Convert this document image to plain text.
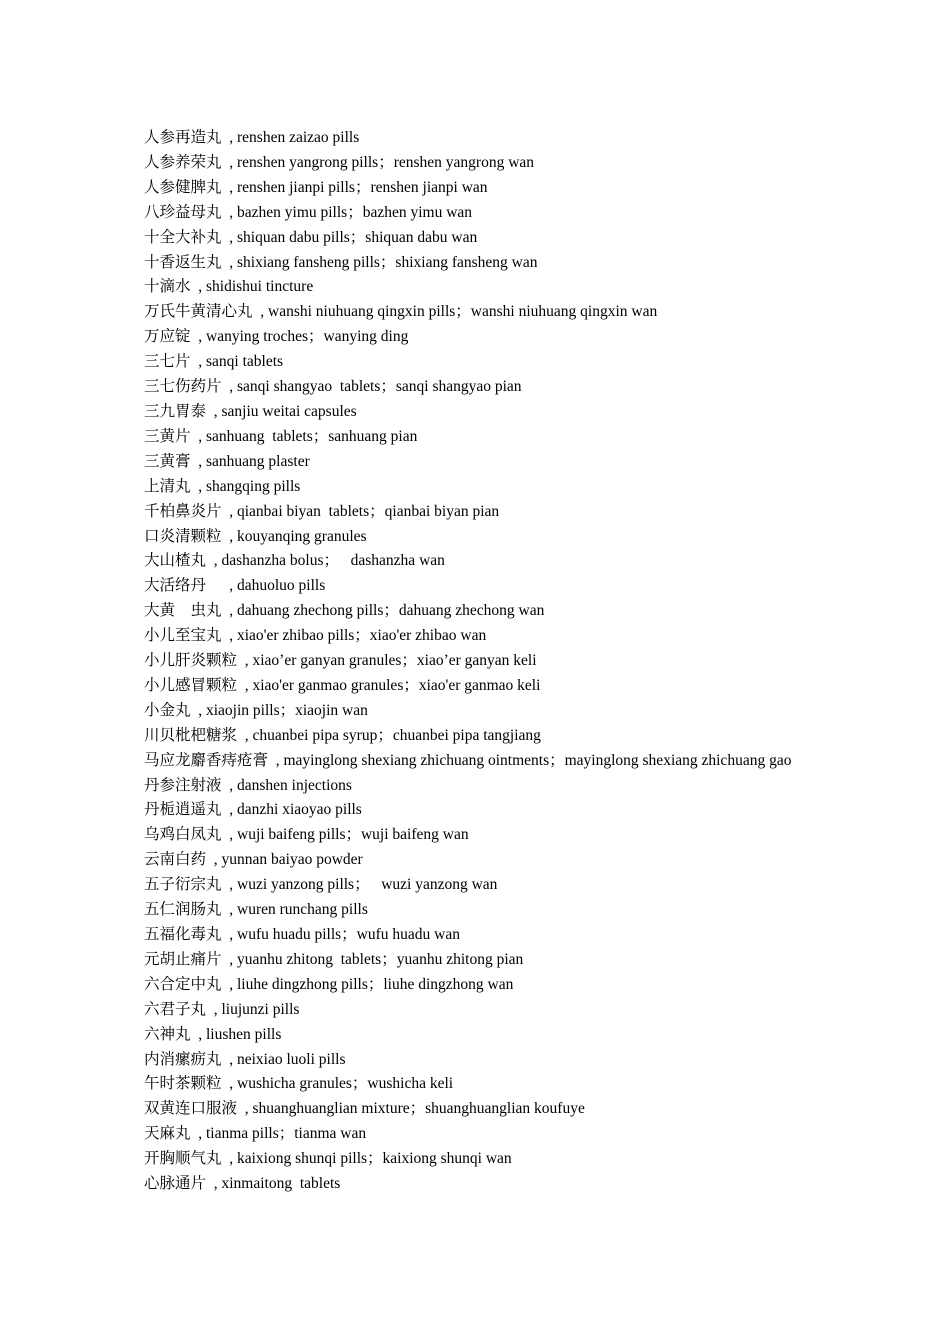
人参再造丸  , renshen zaizao pills
人参养荣丸  , renshen yangrong pills；renshen yangrong wan
人参健脾丸  , renshen jianpi pills；renshen jianpi wan
八珍益母丸  , bazhen yimu pills；bazhen yimu wan
十全大补丸  , shiquan dabu pills；shiquan dabu wan
十香返生丸  , shixiang fansheng pills；shixiang fansheng wan
十滴水  , shidishui tincture
万氏牛黄清心丸  , wanshi niuhuang qingxin pills；wanshi niuhuang qingxin wan
万应锭  , wanying troches；wanying ding
三七片  , sanqi tablets
三七伤药片  , sanqi shangyao  tablets；sanqi shangyao pian
三九胃泰  , sanjiu weitai capsules
三黄片  , sanhuang  tablets；sanhuang pian
三黄膏  , sanhuang plaster
上清丸  , shangqing pills
千柏鼻炎片  , qianbai biyan  tablets；qianbai biyan pian
口炎清颗粒  , kouyanqing granules
大山楂丸  , dashanzha bolus；   dashanzha wan
大活络丹      , dahuoluo pills
大黄    虫丸  , dahuang zhechong pills；dahuang zhechong wan
小儿至宝丸  , xiao'er zhibao pills；xiao'er zhibao wan
小儿肝炎颗粒  , xiao’er ganyan granules；xiao’er ganyan keli
小儿感冒颗粒  , xiao'er ganmao granules；xiao'er ganmao keli
小金丸  , xiaojin pills；xiaojin wan
川贝枇杷糖浆  , chuanbei pipa syrup；chuanbei pipa tangjiang
马应龙麝香痔疮膏  , mayinglong shexiang zhichuang ointments；mayinglong shexiang zhichuang gao
丹参注射液  , danshen injections
丹栀逍遥丸  , danzhi xiaoyao pills
乌鸡白凤丸  , wuji baifeng pills；wuji baifeng wan
云南白药  , yunnan baiyao powder
五子衍宗丸  , wuzi yanzong pills；   wuzi yanzong wan
五仁润肠丸  , wuren runchang pills
五福化毒丸  , wufu huadu pills；wufu huadu wan
元胡止痛片  , yuanhu zhitong  tablets；yuanhu zhitong pian
六合定中丸  , liuhe dingzhong pills；liuhe dingzhong wan
六君子丸  , liujunzi pills
六神丸  , liushen pills
内消瘰疬丸  , neixiao luoli pills
午时茶颗粒  , wushicha granules；wushicha keli
双黄连口服液  , shuanghuanglian mixture；shuanghuanglian koufuye
天麻丸  , tianma pills；tianma wan
开胸顺气丸  , kaixiong shunqi pills；kaixiong shunqi wan
心脉通片  , xinmaitong  tablets
